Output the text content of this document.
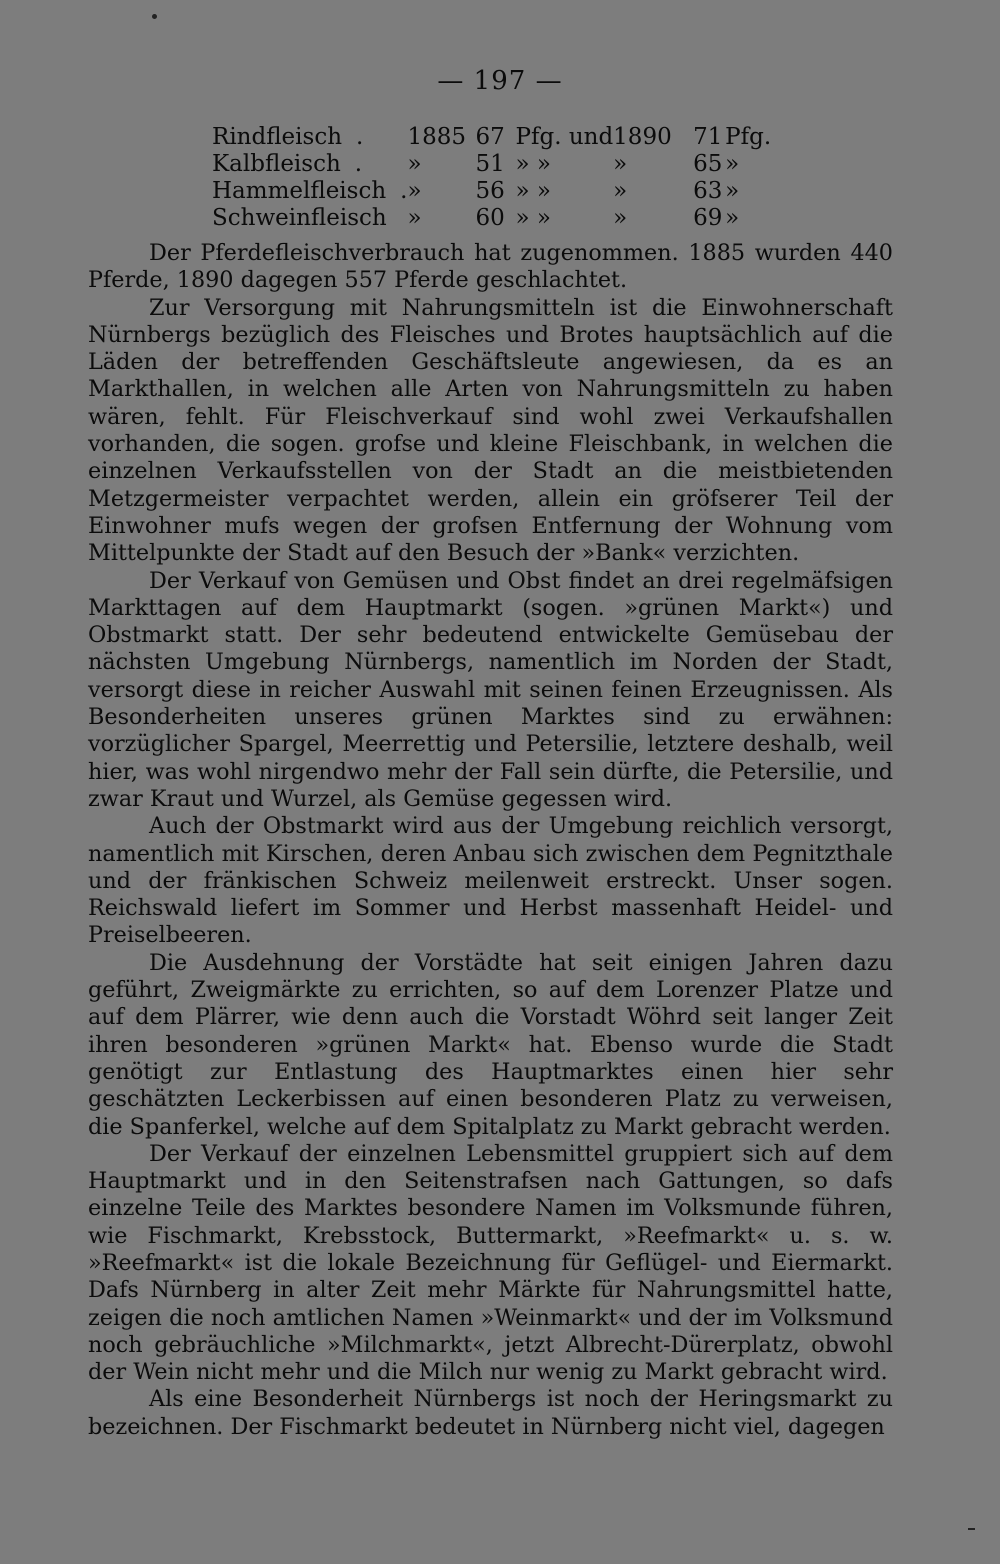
— 197 —
Rindfleisch .	1885	67	Pfg. und	1890	71	Pfg.
Kalbfleisch .	»	51	» »	»	65	»
Hammelfleisch .	»	56	» »	»	63	»
Schweinfleisch	»	60	» »	»	69	»

Der Pferdefleischverbrauch hat zugenommen. 1885 wurden 440 Pferde, 1890 dagegen 557 Pferde geschlachtet.

Zur Versorgung mit Nahrungsmitteln ist die Einwohnerschaft Nürnbergs bezüglich des Fleisches und Brotes hauptsächlich auf die Läden der betreffenden Geschäftsleute angewiesen, da es an Markthallen, in welchen alle Arten von Nahrungsmitteln zu haben wären, fehlt. Für Fleischverkauf sind wohl zwei Verkaufshallen vorhanden, die sogen. grofse und kleine Fleischbank, in welchen die einzelnen Verkaufsstellen von der Stadt an die meistbietenden Metzgermeister verpachtet werden, allein ein gröfserer Teil der Einwohner mufs wegen der grofsen Entfernung der Wohnung vom Mittelpunkte der Stadt auf den Besuch der »Bank« verzichten.

Der Verkauf von Gemüsen und Obst findet an drei regelmäfsigen Markttagen auf dem Hauptmarkt (sogen. »grünen Markt«) und Obstmarkt statt. Der sehr bedeutend entwickelte Gemüsebau der nächsten Umgebung Nürnbergs, namentlich im Norden der Stadt, versorgt diese in reicher Auswahl mit seinen feinen Erzeugnissen. Als Besonderheiten unseres grünen Marktes sind zu erwähnen: vorzüglicher Spargel, Meerrettig und Petersilie, letztere deshalb, weil hier, was wohl nirgendwo mehr der Fall sein dürfte, die Petersilie, und zwar Kraut und Wurzel, als Gemüse gegessen wird.

Auch der Obstmarkt wird aus der Umgebung reichlich versorgt, namentlich mit Kirschen, deren Anbau sich zwischen dem Pegnitzthale und der fränkischen Schweiz meilenweit erstreckt. Unser sogen. Reichswald liefert im Sommer und Herbst massenhaft Heidel- und Preiselbeeren.

Die Ausdehnung der Vorstädte hat seit einigen Jahren dazu geführt, Zweigmärkte zu errichten, so auf dem Lorenzer Platze und auf dem Plärrer, wie denn auch die Vorstadt Wöhrd seit langer Zeit ihren besonderen »grünen Markt« hat. Ebenso wurde die Stadt genötigt zur Entlastung des Hauptmarktes einen hier sehr geschätzten Leckerbissen auf einen besonderen Platz zu verweisen, die Spanferkel, welche auf dem Spitalplatz zu Markt gebracht werden.

Der Verkauf der einzelnen Lebensmittel gruppiert sich auf dem Hauptmarkt und in den Seitenstrafsen nach Gattungen, so dafs einzelne Teile des Marktes besondere Namen im Volksmunde führen, wie Fischmarkt, Krebsstock, Buttermarkt, »Reefmarkt« u. s. w. »Reefmarkt« ist die lokale Bezeichnung für Geflügel- und Eiermarkt. Dafs Nürnberg in alter Zeit mehr Märkte für Nahrungsmittel hatte, zeigen die noch amtlichen Namen »Weinmarkt« und der im Volksmund noch gebräuchliche »Milchmarkt«, jetzt Albrecht-Dürerplatz, obwohl der Wein nicht mehr und die Milch nur wenig zu Markt gebracht wird.

Als eine Besonderheit Nürnbergs ist noch der Heringsmarkt zu bezeichnen. Der Fischmarkt bedeutet in Nürnberg nicht viel, dagegen
